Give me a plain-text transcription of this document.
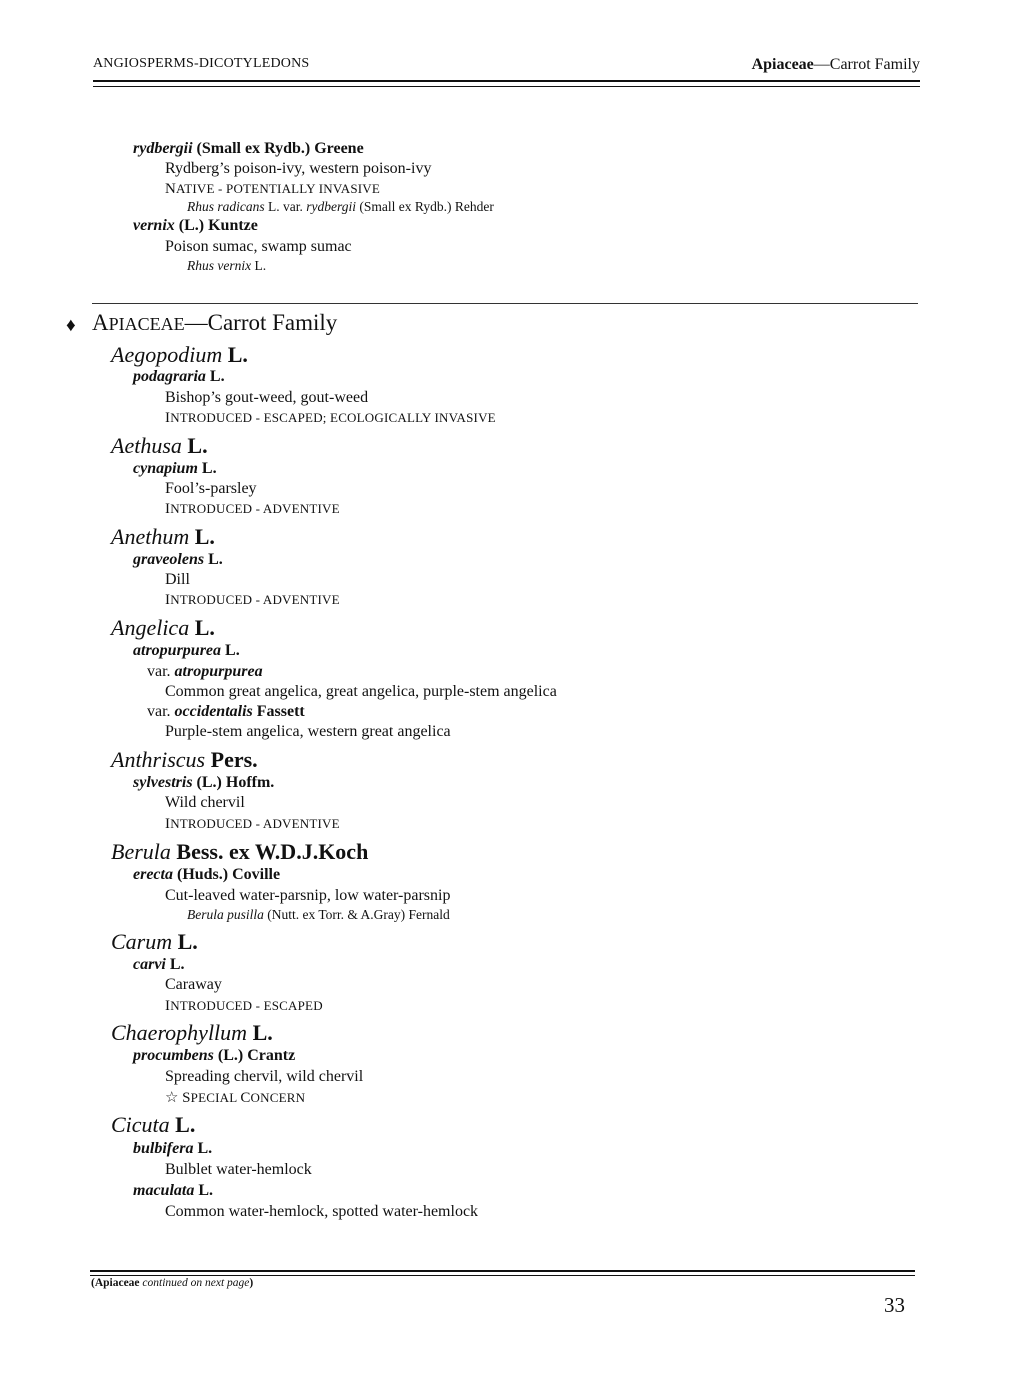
ANGIOSPERMS-DICOTYLEDONS	Apiaceae—Carrot Family
rydbergii (Small ex Rydb.) Greene
Rydberg’s poison-ivy, western poison-ivy
NATIVE - POTENTIALLY INVASIVE
Rhus radicans L. var. rydbergii (Small ex Rydb.) Rehder
vernix (L.) Kuntze
Poison sumac, swamp sumac
Rhus vernix L.
♦ APIACEAE—Carrot Family
Aegopodium L.
podagraria L.
Bishop’s gout-weed, gout-weed
INTRODUCED - ESCAPED; ECOLOGICALLY INVASIVE
Aethusa L.
cynapium L.
Fool’s-parsley
INTRODUCED - ADVENTIVE
Anethum L.
graveolens L.
Dill
INTRODUCED - ADVENTIVE
Angelica L.
atropurpurea L.
var. atropurpurea
Common great angelica, great angelica, purple-stem angelica
var. occidentalis Fassett
Purple-stem angelica, western great angelica
Anthriscus Pers.
sylvestris (L.) Hoffm.
Wild chervil
INTRODUCED - ADVENTIVE
Berula Bess. ex W.D.J.Koch
erecta (Huds.) Coville
Cut-leaved water-parsnip, low water-parsnip
Berula pusilla (Nutt. ex Torr. & A.Gray) Fernald
Carum L.
carvi L.
Caraway
INTRODUCED - ESCAPED
Chaerophyllum L.
procumbens (L.) Crantz
Spreading chervil, wild chervil
☆ SPECIAL CONCERN
Cicuta L.
bulbifera L.
Bulblet water-hemlock
maculata L.
Common water-hemlock, spotted water-hemlock
(Apiaceae continued on next page)
33
